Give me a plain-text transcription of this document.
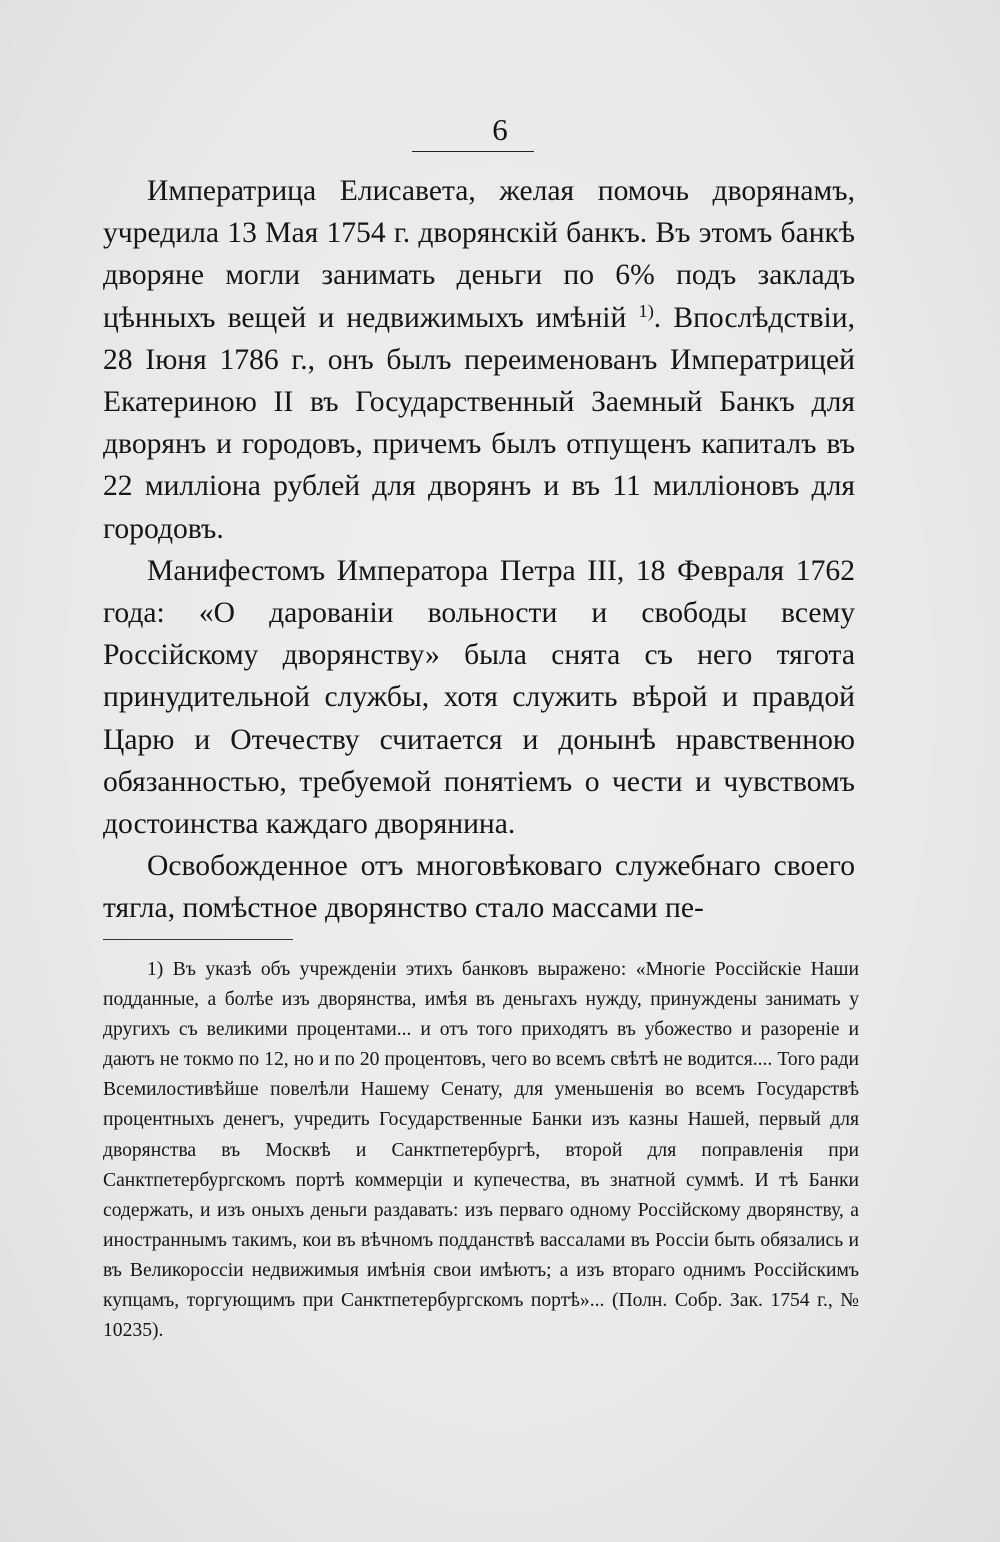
6

Императрица Елисавета, желая помочь дворянамъ, учредила 13 Мая 1754 г. дворянскiй банкъ. Въ этомъ банкѣ дворяне могли занимать деньги по 6% подъ закладъ цѣнныхъ вещей и недвижимыхъ имѣнiй $^{1)}$. Впослѣдствiи, 28 Iюня 1786 г., онъ былъ переименованъ Императрицей Екатериною II въ Государственный Заемный Банкъ для дворянъ и городовъ, причемъ былъ отпущенъ капиталъ въ 22 миллiона рублей для дворянъ и въ 11 миллiоновъ для городовъ.

Манифестомъ Императора Петра III, 18 Февраля 1762 года: «О дарованiи вольности и свободы всему Россiйскому дворянству» была снята съ него тягота принудительной службы, хотя служить вѣрой и правдой Царю и Отечеству считается и донынѣ нравственною обязанностью, требуемой понятiемъ о чести и чувствомъ достоинства каждаго дворянина.

Освобожденное отъ многовѣковаго служебнаго своего тягла, помѣстное дворянство стало массами пе-

1) Въ указѣ объ учрежденiи этихъ банковъ выражено: «Многiе Россiйскiе Наши подданные, а болѣе изъ дворянства, имѣя въ деньгахъ нужду, принуждены занимать у другихъ съ великими процентами... и отъ того приходятъ въ убожество и разоренiе и даютъ не токмо по 12, но и по 20 процентовъ, чего во всемъ свѣтѣ не водится.... Того ради Всемилостивѣйше повелѣли Нашему Сенату, для уменьшенiя во всемъ Государствѣ процентныхъ денегъ, учредить Государственные Банки изъ казны Нашей, первый для дворянства въ Москвѣ и Санктпетербургѣ, второй для поправленiя при Санктпетербургскомъ портѣ коммерцiи и купечества, въ знатной суммѣ. И тѣ Банки содержать, и изъ оныхъ деньги раздавать: изъ перваго одному Россiйскому дворянству, а иностраннымъ такимъ, кои въ вѣчномъ подданствѣ вассалами въ Россiи быть обязались и въ Великороссiи недвижимыя имѣнiя свои имѣютъ; а изъ втораго однимъ Россiйскимъ купцамъ, торгующимъ при Санктпетербургскомъ портѣ»... (Полн. Собр. Зак. 1754 г., № 10235).
